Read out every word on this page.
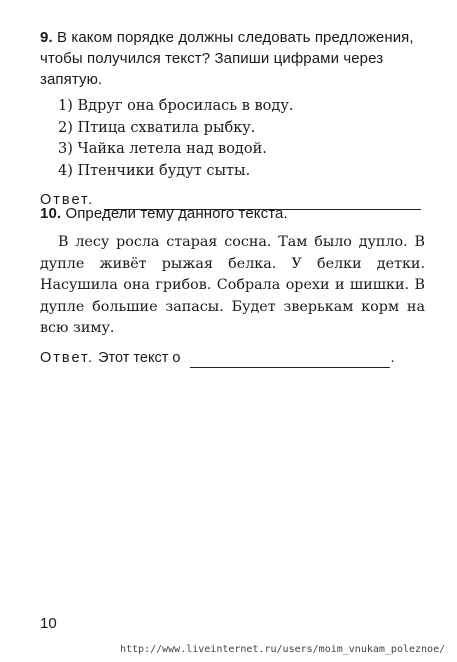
9. В каком порядке должны следовать предложения, чтобы получился текст? Запиши цифрами через запятую.
1) Вдруг она бросилась в воду.
2) Птица схватила рыбку.
3) Чайка летела над водой.
4) Птенчики будут сыты.
Ответ.
10. Определи тему данного текста.

В лесу росла старая сосна. Там было дупло. В дупле живёт рыжая белка. У белки детки. Насушила она грибов. Собрала орехи и шишки. В дупле большие запасы. Будет зверькам корм на всю зиму.

Ответ. Этот текст о	.
10
http://www.liveinternet.ru/users/moim_vnukam_poleznoe/
